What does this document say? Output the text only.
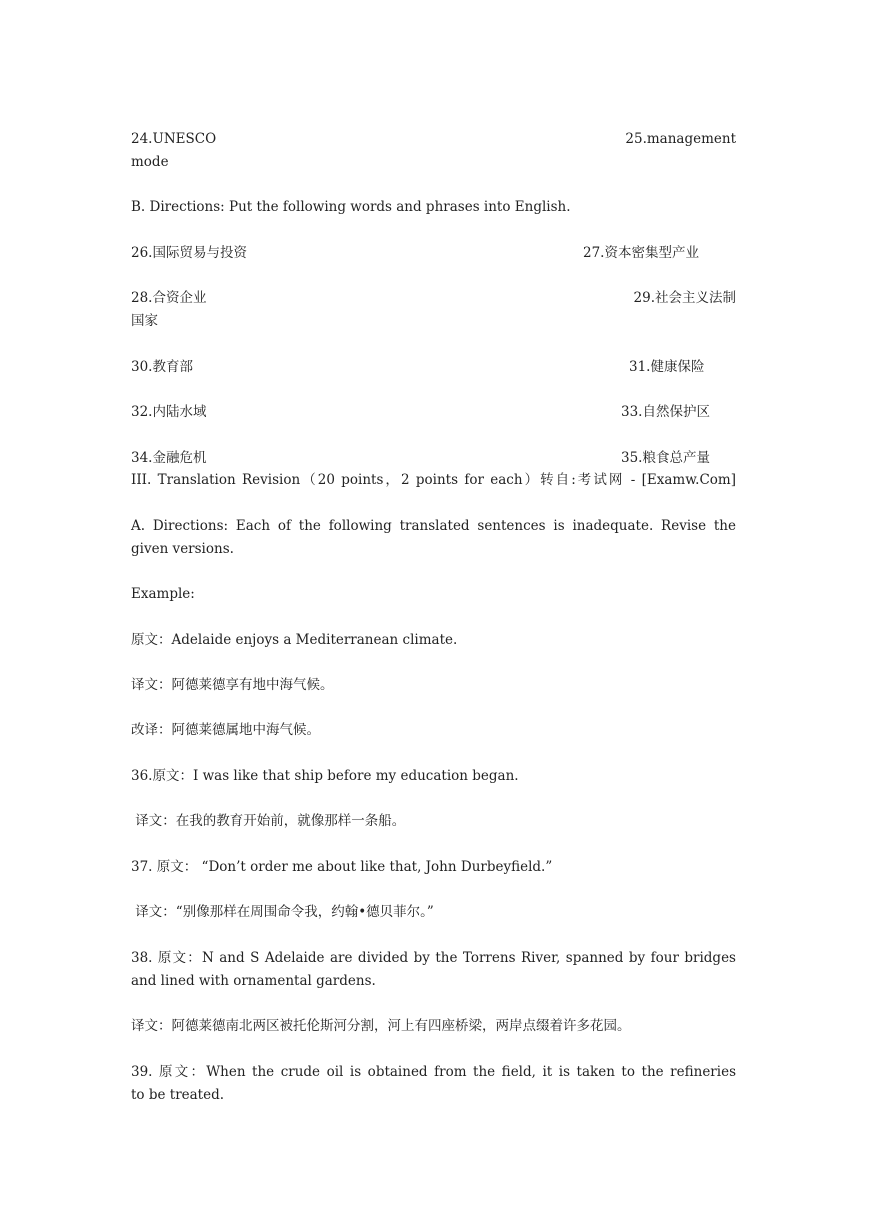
24.UNESCO	25.management
mode
B. Directions: Put the following words and phrases into English.
26.国际贸易与投资	27.资本密集型产业
28.合资企业	29.社会主义法制
国家
30.教育部	31.健康保险
32.内陆水域	33.自然保护区
34.金融危机	35.粮食总产量
III. Translation Revision（20 points，2 points for each）转自:考试网 - [Examw.Com]
A. Directions: Each of the following translated sentences is inadequate. Revise the
given versions.
Example:
原文：Adelaide enjoys a Mediterranean climate.
译文：阿德莱德享有地中海气候。
改译：阿德莱德属地中海气候。
36.原文：I was like that ship before my education began.
译文：在我的教育开始前，就像那样一条船。
37. 原文： “Don’t order me about like that, John Durbeyfield.”
译文：“别像那样在周围命令我，约翰•德贝菲尔。”
38. 原文：N and S Adelaide are divided by the Torrens River, spanned by four bridges
and lined with ornamental gardens.
译文：阿德莱德南北两区被托伦斯河分割，河上有四座桥梁，两岸点缀着许多花园。
39. 原文：When the crude oil is obtained from the field, it is taken to the refineries
to be treated.
